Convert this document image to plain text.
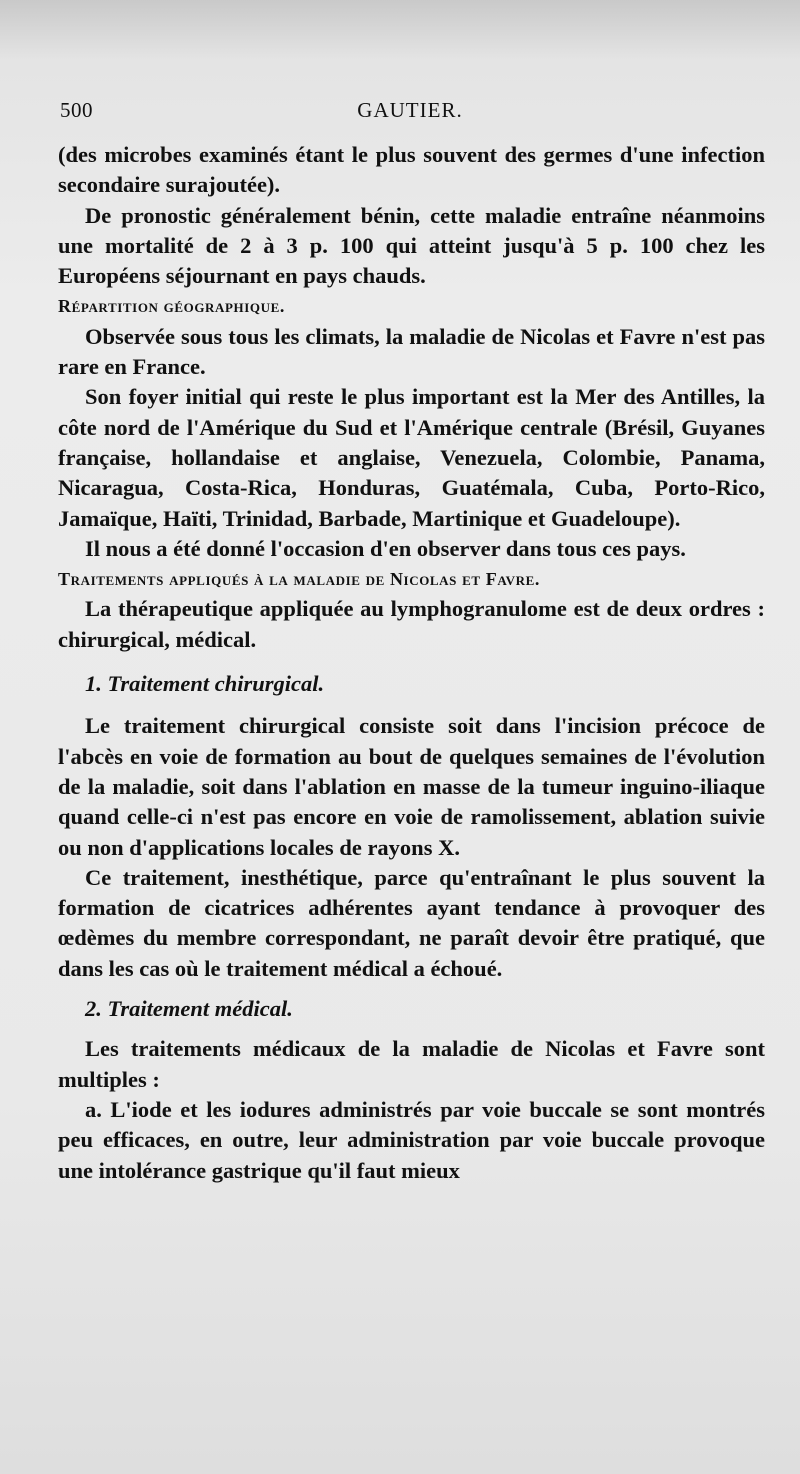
500	GAUTIER.

(des microbes examinés étant le plus souvent des germes d'une infection secondaire surajoutée).

De pronostic généralement bénin, cette maladie entraîne néanmoins une mortalité de 2 à 3 p. 100 qui atteint jusqu'à 5 p. 100 chez les Européens séjournant en pays chauds.

Répartition géographique.

Observée sous tous les climats, la maladie de Nicolas et Favre n'est pas rare en France.

Son foyer initial qui reste le plus important est la Mer des Antilles, la côte nord de l'Amérique du Sud et l'Amérique centrale (Brésil, Guyanes française, hollandaise et anglaise, Venezuela, Colombie, Panama, Nicaragua, Costa-Rica, Honduras, Guatémala, Cuba, Porto-Rico, Jamaïque, Haïti, Trinidad, Barbade, Martinique et Guadeloupe).

Il nous a été donné l'occasion d'en observer dans tous ces pays.

Traitements appliqués à la maladie de Nicolas et Favre.

La thérapeutique appliquée au lymphogranulome est de deux ordres : chirurgical, médical.

1. Traitement chirurgical.

Le traitement chirurgical consiste soit dans l'incision précoce de l'abcès en voie de formation au bout de quelques semaines de l'évolution de la maladie, soit dans l'ablation en masse de la tumeur inguino-iliaque quand celle-ci n'est pas encore en voie de ramolissement, ablation suivie ou non d'applications locales de rayons X.

Ce traitement, inesthétique, parce qu'entraînant le plus souvent la formation de cicatrices adhérentes ayant tendance à provoquer des œdèmes du membre correspondant, ne paraît devoir être pratiqué, que dans les cas où le traitement médical a échoué.

2. Traitement médical.

Les traitements médicaux de la maladie de Nicolas et Favre sont multiples :

a. L'iode et les iodures administrés par voie buccale se sont montrés peu efficaces, en outre, leur administration par voie buccale provoque une intolérance gastrique qu'il faut mieux
